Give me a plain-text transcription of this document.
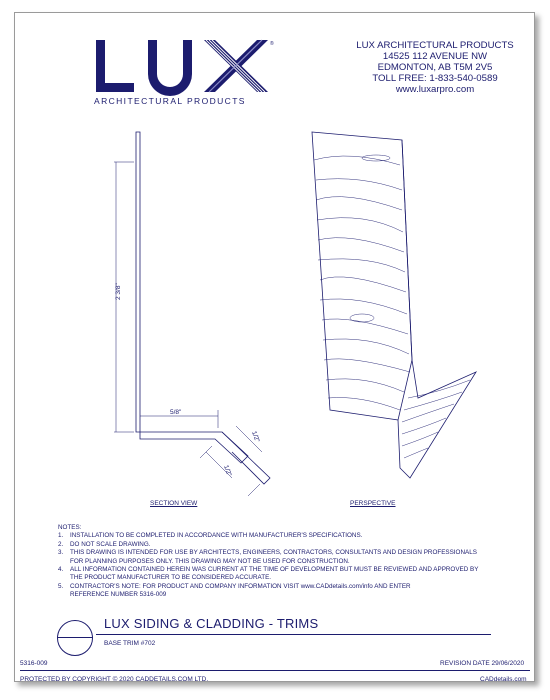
®
ARCHITECTURAL PRODUCTS
LUX ARCHITECTURAL PRODUCTS
14525 112 AVENUE NW
EDMONTON, AB T5M 2V5
TOLL FREE: 1-833-540-0589
www.luxarpro.com
2 3/8"
5/8"
1/2"
1/2"
SECTION VIEW	PERSPECTIVE
NOTES:
1.	INSTALLATION TO BE COMPLETED IN ACCORDANCE WITH MANUFACTURER'S SPECIFICATIONS.
2.	DO NOT SCALE DRAWING.
3.	THIS DRAWING IS INTENDED FOR USE BY ARCHITECTS, ENGINEERS, CONTRACTORS, CONSULTANTS AND DESIGN PROFESSIONALS
FOR PLANNING PURPOSES ONLY. THIS DRAWING MAY NOT BE USED FOR CONSTRUCTION.
4.	ALL INFORMATION CONTAINED HEREIN WAS CURRENT AT THE TIME OF DEVELOPMENT BUT MUST BE REVIEWED AND APPROVED BY
THE PRODUCT MANUFACTURER TO BE CONSIDERED ACCURATE.
5.	CONTRACTOR'S NOTE: FOR PRODUCT AND COMPANY INFORMATION VISIT www.CADdetails.com/info AND ENTER
REFERENCE NUMBER 5316-009
LUX SIDING & CLADDING - TRIMS
BASE TRIM #702
5316-009	REVISION DATE 29/06/2020
PROTECTED BY COPYRIGHT © 2020 CADDETAILS.COM LTD.	CADdetails.com
